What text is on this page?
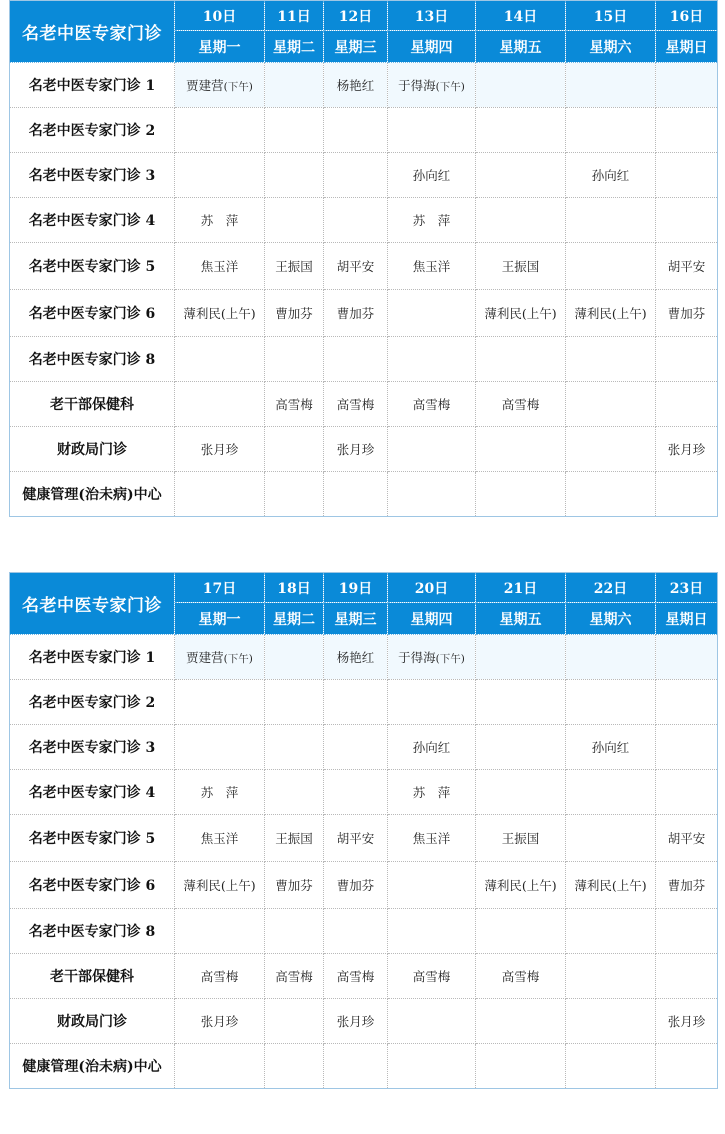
名老中医专家门诊	10日	11日	12日	13日	14日	15日	16日
	星期一	星期二	星期三	星期四	星期五	星期六	星期日
名老中医专家门诊 1	贾建营(下午)		杨艳红	于得海(下午)			
名老中医专家门诊 2							
名老中医专家门诊 3				孙向红		孙向红	
名老中医专家门诊 4	苏　萍			苏　萍			
名老中医专家门诊 5	焦玉洋	王振国	胡平安	焦玉洋	王振国		胡平安
名老中医专家门诊 6	薄利民(上午)	曹加芬	曹加芬		薄利民(上午)	薄利民(上午)	曹加芬
名老中医专家门诊 8							
老干部保健科		高雪梅	高雪梅	高雪梅	高雪梅		
财政局门诊	张月珍		张月珍				张月珍
健康管理(治未病)中心							
名老中医专家门诊	17日	18日	19日	20日	21日	22日	23日
	星期一	星期二	星期三	星期四	星期五	星期六	星期日
名老中医专家门诊 1	贾建营(下午)		杨艳红	于得海(下午)			
名老中医专家门诊 2							
名老中医专家门诊 3				孙向红		孙向红	
名老中医专家门诊 4	苏　萍			苏　萍			
名老中医专家门诊 5	焦玉洋	王振国	胡平安	焦玉洋	王振国		胡平安
名老中医专家门诊 6	薄利民(上午)	曹加芬	曹加芬		薄利民(上午)	薄利民(上午)	曹加芬
名老中医专家门诊 8							
老干部保健科	高雪梅	高雪梅	高雪梅	高雪梅	高雪梅		
财政局门诊	张月珍		张月珍				张月珍
健康管理(治未病)中心							
